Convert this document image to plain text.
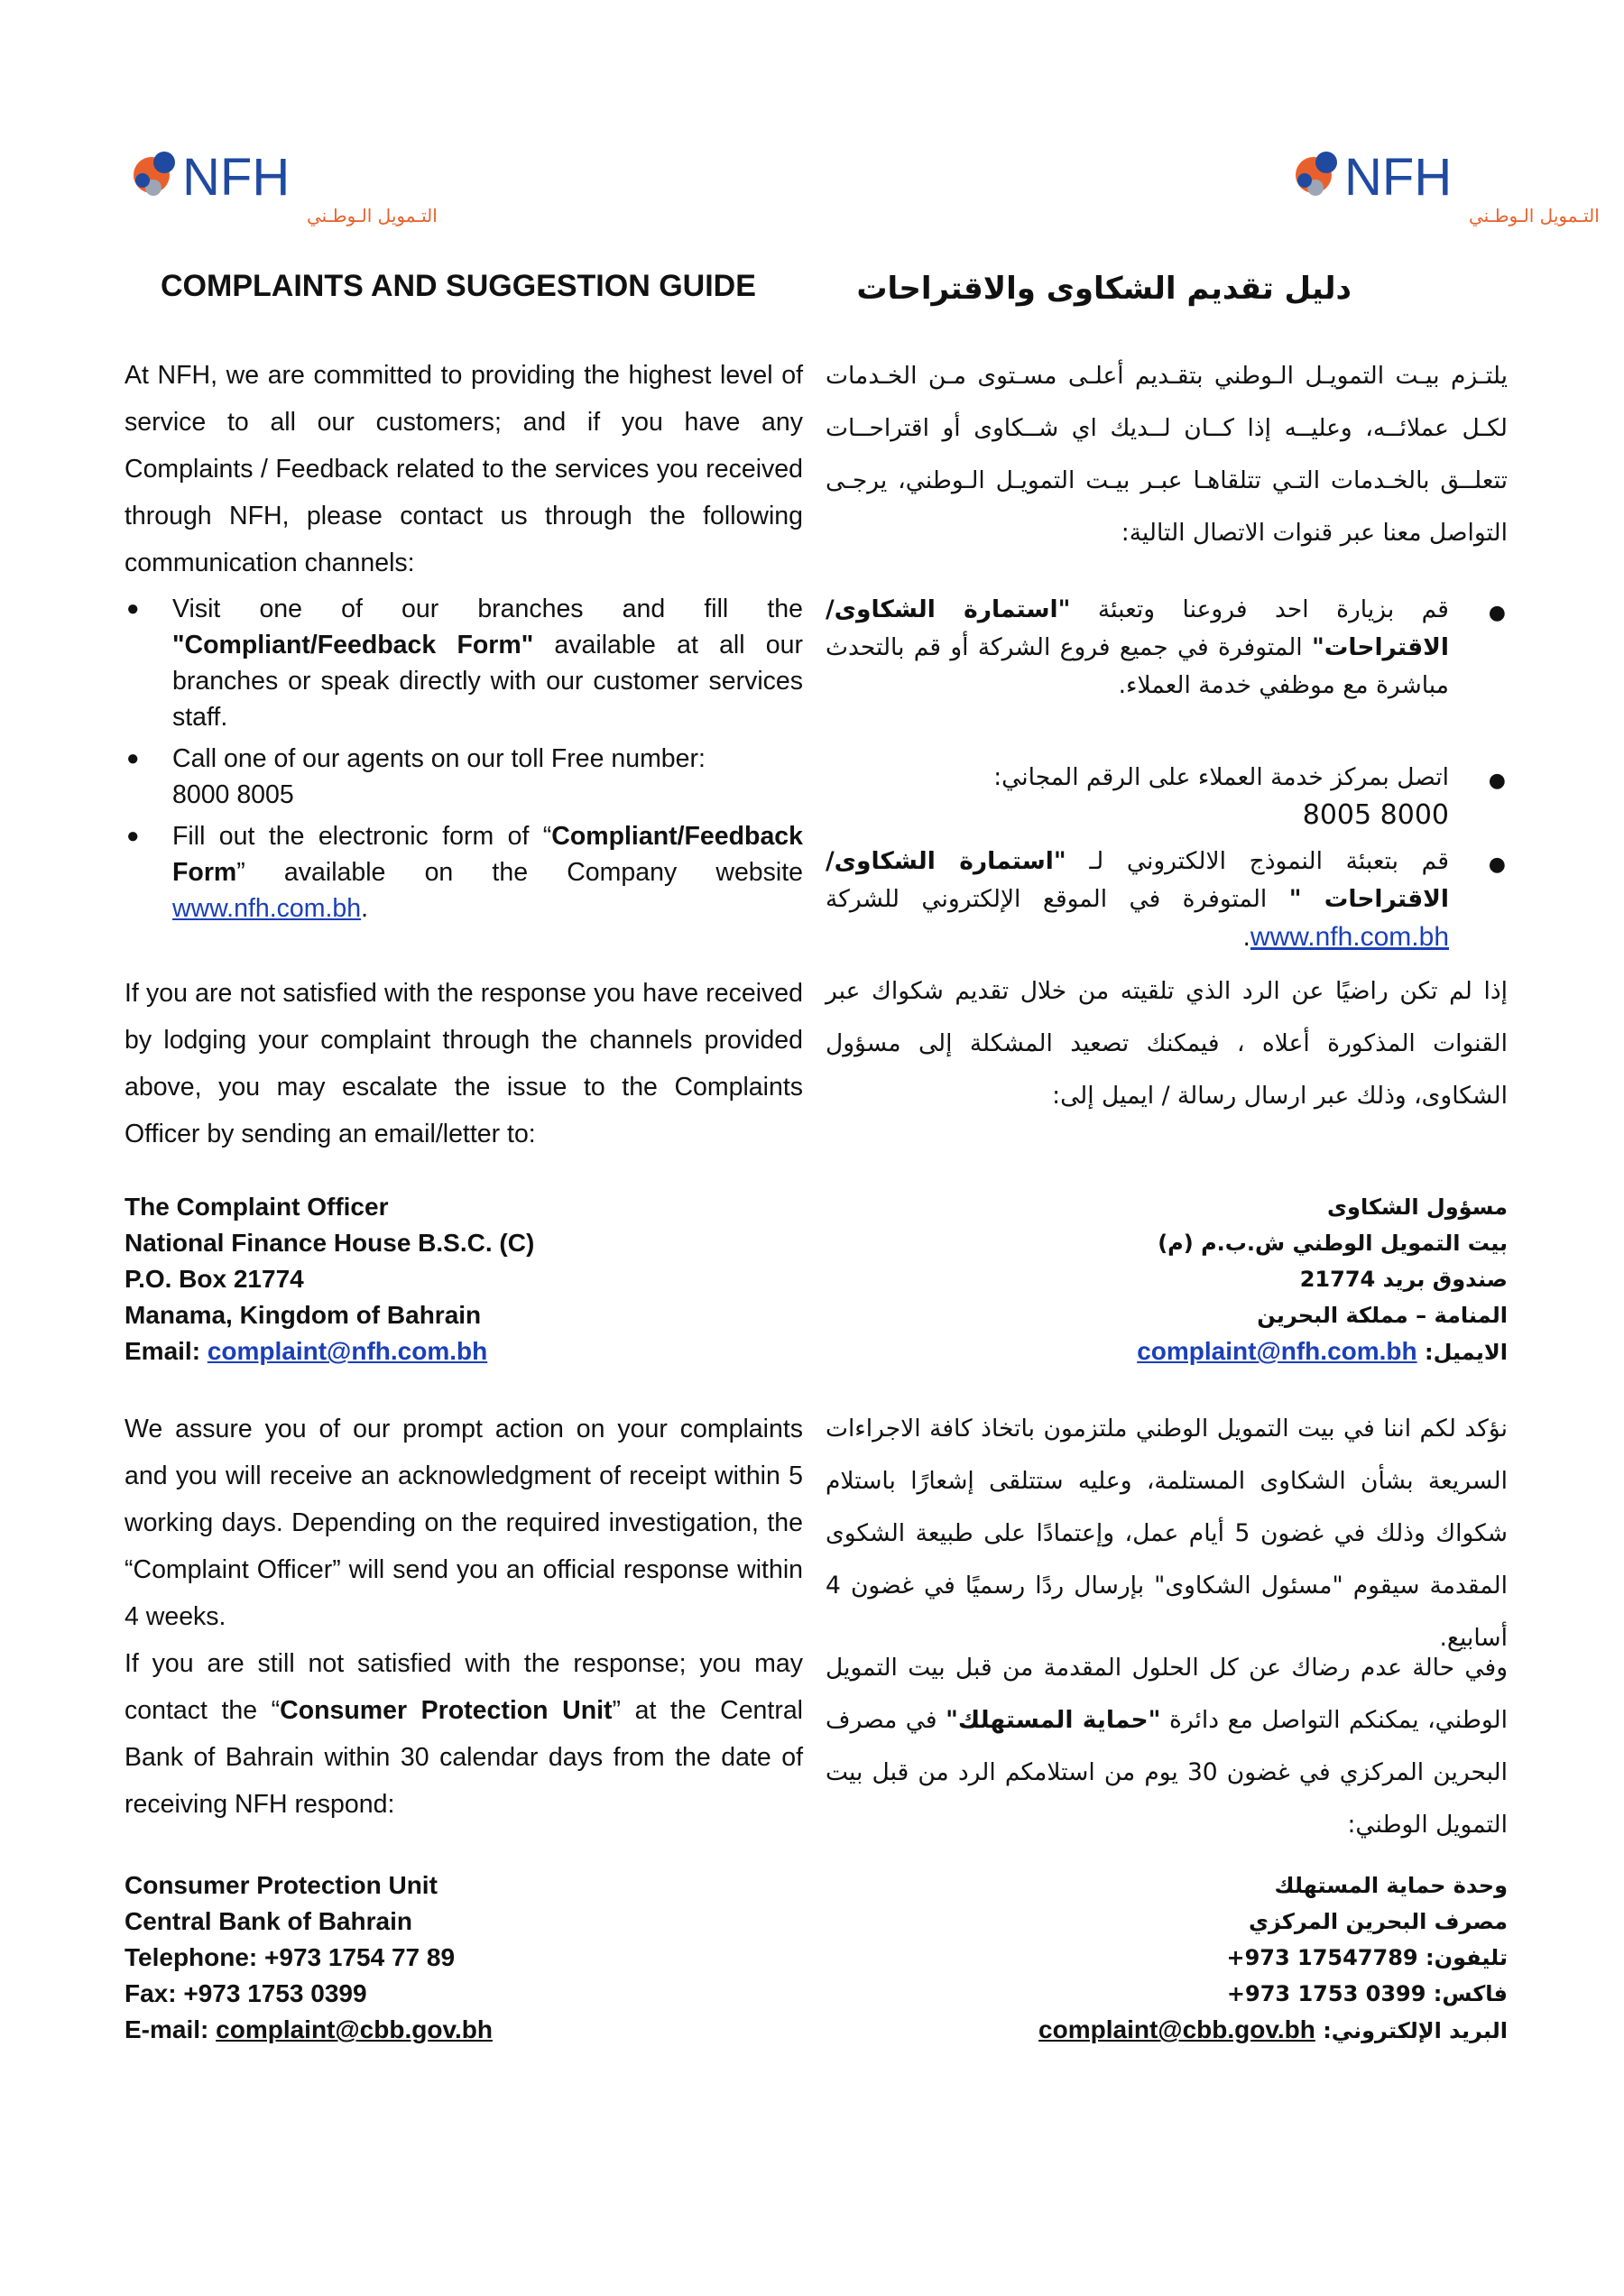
NFH
التـمويل الـوطـني
NFH
التـمويل الـوطـني
COMPLAINTS AND SUGGESTION GUIDE	دليل تقديم الشكاوى والاقتراحات

At NFH, we are committed to providing the highest level of service to all our customers; and if you have any Complaints / Feedback related to the services you received through NFH, please contact us through the following communication channels:

● Visit one of our branches and fill the "Compliant/Feedback Form" available at all our branches or speak directly with our customer services staff.
● Call one of our agents on our toll Free number:
8000 8005
● Fill out the electronic form of “Compliant/Feedback Form” available on the Company website www.nfh.com.bh.

If you are not satisfied with the response you have received by lodging your complaint through the channels provided above, you may escalate the issue to the Complaints Officer by sending an email/letter to:

The Complaint Officer
National Finance House B.S.C. (C)
P.O. Box 21774
Manama, Kingdom of Bahrain
Email: complaint@nfh.com.bh

We assure you of our prompt action on your complaints and you will receive an acknowledgment of receipt within 5 working days. Depending on the required investigation, the “Complaint Officer” will send you an official response within 4 weeks.

If you are still not satisfied with the response; you may contact the “Consumer Protection Unit” at the Central Bank of Bahrain within 30 calendar days from the date of receiving NFH respond:

Consumer Protection Unit
Central Bank of Bahrain
Telephone: +973 1754 77 89
Fax: +973 1753 0399
E-mail: complaint@cbb.gov.bh

يلتـزم بيـت التمويـل الـوطني بتقـديم أعلـى مسـتوى مـن الخـدمات لكـل عملائــه، وعليــه إذا كــان لــديك اي شــكاوى أو اقتراحــات تتعلــق بالخـدمات التـي تتلقاهـا عبـر بيـت التمويـل الـوطني، يرجـى التواصل معنا عبر قنوات الاتصال التالية:

●
قم بزيارة احد فروعنا وتعبئة "استمارة الشكاوى/الاقتراحات" المتوفرة في جميع فروع الشركة أو قم بالتحدث مباشرة مع موظفي خدمة العملاء.
●
اتصل بمركز خدمة العملاء على الرقم المجاني:
8000 8005
●
قم بتعبئة النموذج الالكتروني لـ "استمارة الشكاوى/الاقتراحات " المتوفرة في الموقع الإلكتروني للشركة www.nfh.com.bh.

إذا لم تكن راضيًا عن الرد الذي تلقيته من خلال تقديم شكواك عبر القنوات المذكورة أعلاه ، فيمكنك تصعيد المشكلة إلى مسؤول الشكاوى، وذلك عبر ارسال رسالة / ايميل إلى:

مسؤول الشكاوى
بيت التمويل الوطني ش.ب.م (م)
صندوق بريد 21774
المنامة – مملكة البحرين
الايميل: complaint@nfh.com.bh

نؤكد لكم اننا في بيت التمويل الوطني ملتزمون باتخاذ كافة الاجراءات السريعة بشأن الشكاوى المستلمة، وعليه ستتلقى إشعارًا باستلام شكواك وذلك في غضون 5 أيام عمل، وإعتمادًا على طبيعة الشكوى المقدمة سيقوم "مسئول الشكاوى" بإرسال ردًا رسميًا في غضون 4 أسابيع.

وفي حالة عدم رضاك عن كل الحلول المقدمة من قبل بيت التمويل الوطني، يمكنكم التواصل مع دائرة "حماية المستهلك" في مصرف البحرين المركزي في غضون 30 يوم من استلامكم الرد من قبل بيت التمويل الوطني:

وحدة حماية المستهلك
مصرف البحرين المركزي
تليفون: 17547789 973+
فاكس: 0399 1753 973+
البريد الإلكتروني: complaint@cbb.gov.bh
